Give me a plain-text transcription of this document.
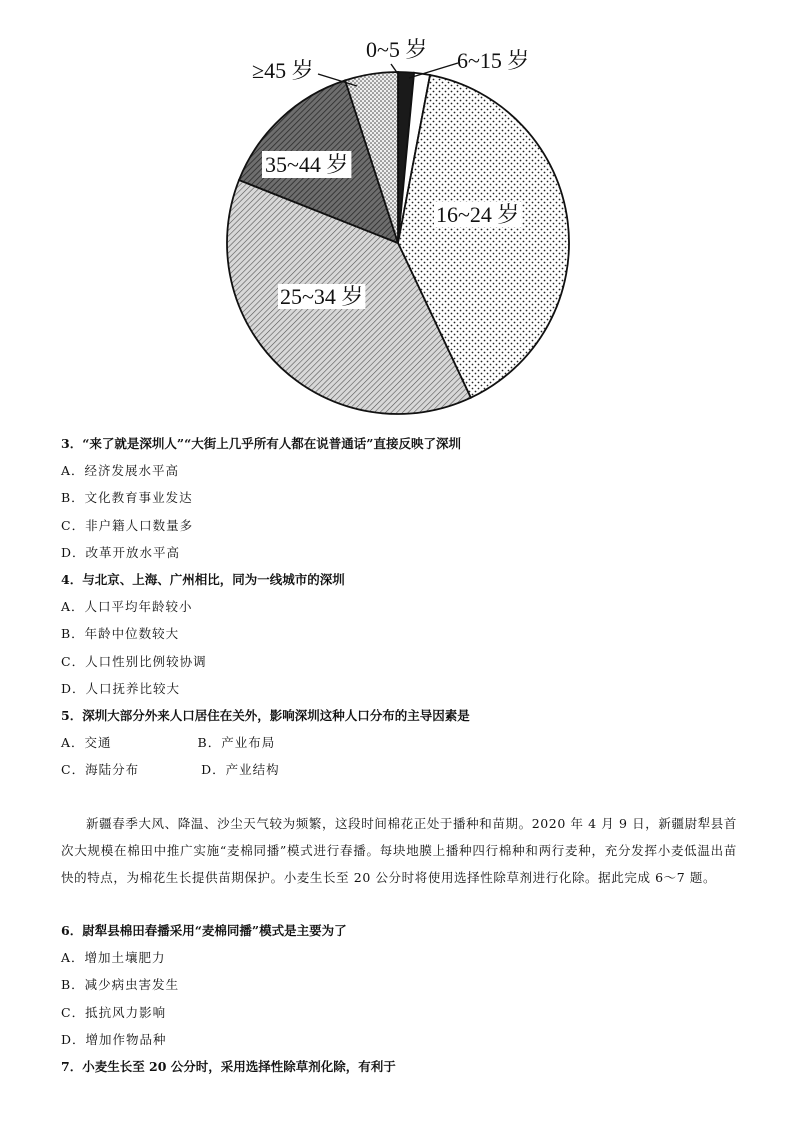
0~5 岁 6~15 岁
16~24 岁
25~34 岁
35~44 岁
≥45 岁
3．“来了就是深圳人”“大街上几乎所有人都在说普通话”直接反映了深圳
A．经济发展水平高
B．文化教育事业发达
C．非户籍人口数量多
D．改革开放水平高
4．与北京、上海、广州相比，同为一线城市的深圳
A．人口平均年龄较小
B．年龄中位数较大
C．人口性别比例较协调
D．人口抚养比较大
5．深圳大部分外来人口居住在关外，影响深圳这种人口分布的主导因素是
A．交通	B．产业布局
C．海陆分布	D．产业结构
新疆春季大风、降温、沙尘天气较为频繁，这段时间棉花正处于播种和苗期。2020 年 4 月 9 日，新疆尉犁县首次大规模在棉田中推广实施“麦棉同播”模式进行春播。每块地膜上播种四行棉种和两行麦种，充分发挥小麦低温出苗快的特点，为棉花生长提供苗期保护。小麦生长至 20 公分时将使用选择性除草剂进行化除。据此完成 6～7 题。
6．尉犁县棉田春播采用“麦棉同播”模式是主要为了
A．增加土壤肥力
B．减少病虫害发生
C．抵抗风力影响
D．增加作物品种
7．小麦生长至 20 公分时，采用选择性除草剂化除，有利于
